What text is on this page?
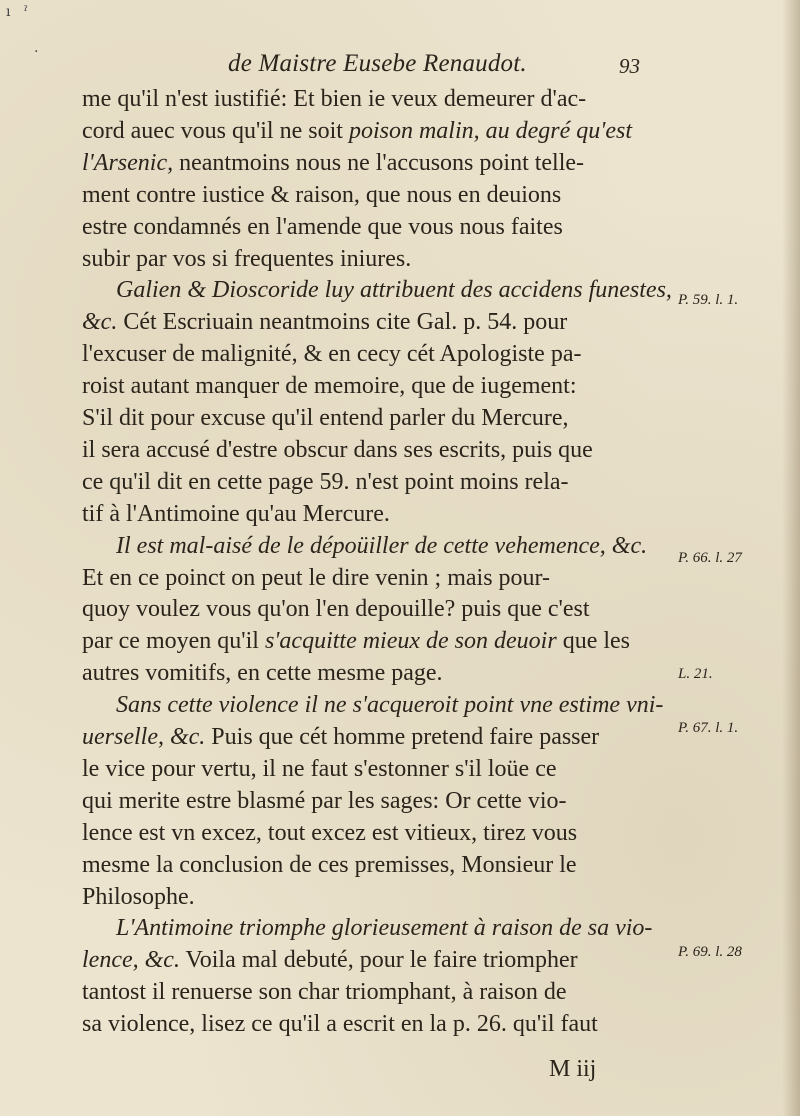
ı   ˀ
·	de Maistre Eusebe Renaudot.	93
me qu'il n'est iustifié: Et bien ie veux demeurer d'ac-
cord auec vous qu'il ne soit poison malin, au degré qu'est
l'Arsenic, neantmoins nous ne l'accusons point telle-
ment contre iustice & raison, que nous en deuions
estre condamnés en l'amende que vous nous faites
subir par vos si frequentes iniures.
Galien & Dioscoride luy attribuent des accidens funestes,
&c. Cét Escriuain neantmoins cite Gal. p. 54. pour
l'excuser de malignité, & en cecy cét Apologiste pa-
roist autant manquer de memoire, que de iugement:
S'il dit pour excuse qu'il entend parler du Mercure,
il sera accusé d'estre obscur dans ses escrits, puis que
ce qu'il dit en cette page 59. n'est point moins rela-
tif à l'Antimoine qu'au Mercure.
Il est mal-aisé de le dépoüiller de cette vehemence, &c.
Et en ce poinct on peut le dire venin ; mais pour-
quoy voulez vous qu'on l'en depouille? puis que c'est
par ce moyen qu'il s'acquitte mieux de son deuoir que les
autres vomitifs, en cette mesme page.
Sans cette violence il ne s'acqueroit point vne estime vni-
uerselle, &c. Puis que cét homme pretend faire passer
le vice pour vertu, il ne faut s'estonner s'il loüe ce
qui merite estre blasmé par les sages: Or cette vio-
lence est vn excez, tout excez est vitieux, tirez vous
mesme la conclusion de ces premisses, Monsieur le
Philosophe.
L'Antimoine triomphe glorieusement à raison de sa vio-
lence, &c. Voila mal debuté, pour le faire triompher
tantost il renuerse son char triomphant, à raison de
sa violence, lisez ce qu'il a escrit en la p. 26. qu'il faut
P. 59. l. 1.
P. 66. l. 27
L. 21.
P. 67. l. 1.
P. 69. l. 28
M iij
